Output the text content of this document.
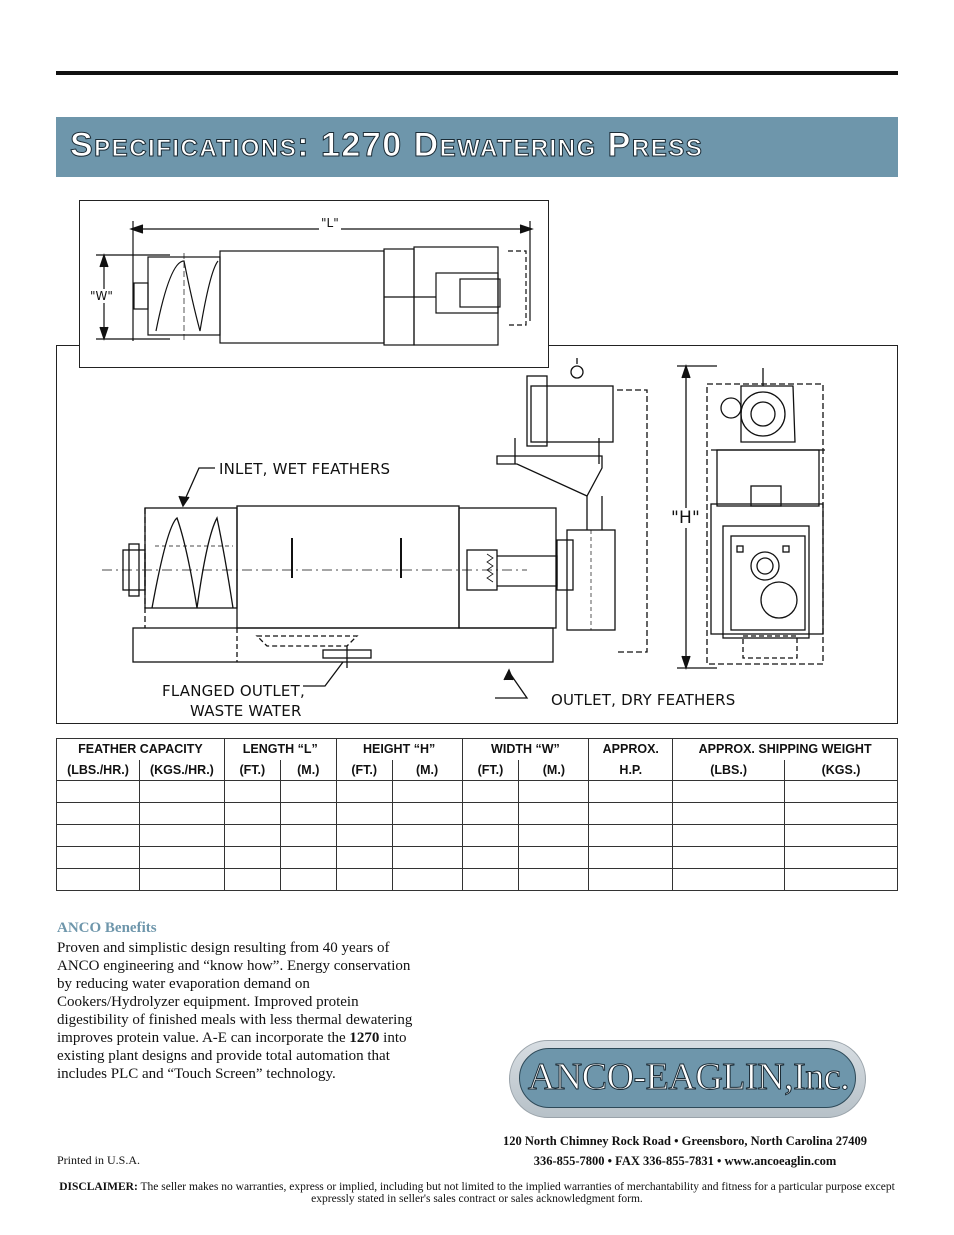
Specifications: 1270 Dewatering Press
INLET, WET FEATHERS
FLANGED OUTLET,
WASTE WATER
OUTLET, DRY FEATHERS
"H"
"L"
"W"
FEATHER CAPACITY		LENGTH “L”		HEIGHT “H”		WIDTH “W”		APPROX.	APPROX. SHIPPING WEIGHT	
(LBS./HR.)	(KGS./HR.)	(FT.)	(M.)	(FT.)	(M.)	(FT.)	(M.)	H.P.	(LBS.)	(KGS.)

ANCO Benefits

Proven and simplistic design resulting from 40 years of ANCO engineering and “know how”. Energy conservation by reducing water evaporation demand on Cookers/Hydrolyzer equipment. Improved protein digestibility of finished meals with less thermal dewatering improves protein value. A-E can incorporate the 1270 into existing plant designs and provide total automation that includes PLC and “Touch Screen” technology.	ANCO-EAGLIN,Inc.
120 North Chimney Rock Road • Greensboro, North Carolina 27409
336-855-7800 • FAX 336-855-7831 • www.ancoeaglin.com
Printed in U.S.A.
DISCLAIMER: The seller makes no warranties, express or implied, including but not limited to the implied warranties of merchantability and fitness for a particular purpose except expressly stated in seller's sales contract or sales acknowledgment form.
